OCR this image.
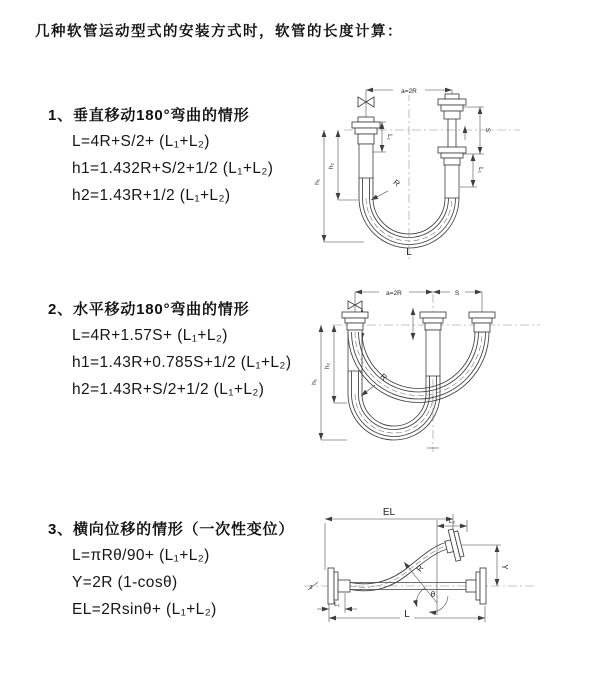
几种软管运动型式的安装方式时，软管的长度计算：
1、垂直移动180°弯曲的情形
L=4R+S/2+ (L₁+L₂)
h1=1.432R+S/2+1/2 (L₁+L₂)
h2=1.43R+1/2 (L₁+L₂)
2、水平移动180°弯曲的情形
L=4R+1.57S+ (L₁+L₂)
h1=1.43R+0.785S+1/2 (L₁+L₂)
h2=1.43R+S/2+1/2 (L₁+L₂)
3、横向位移的情形（一次性变位）
L=πRθ/90+ (L₁+L₂)
Y=2R (1-cosθ)
EL=2Rsinθ+ (L₁+L₂)
a=2R
S
L₁
L₁
h₁
h₂
R
L
a=2R	S
h₁
h₂
R
EL
L₂
Y
R
θ
L
L₁
z
